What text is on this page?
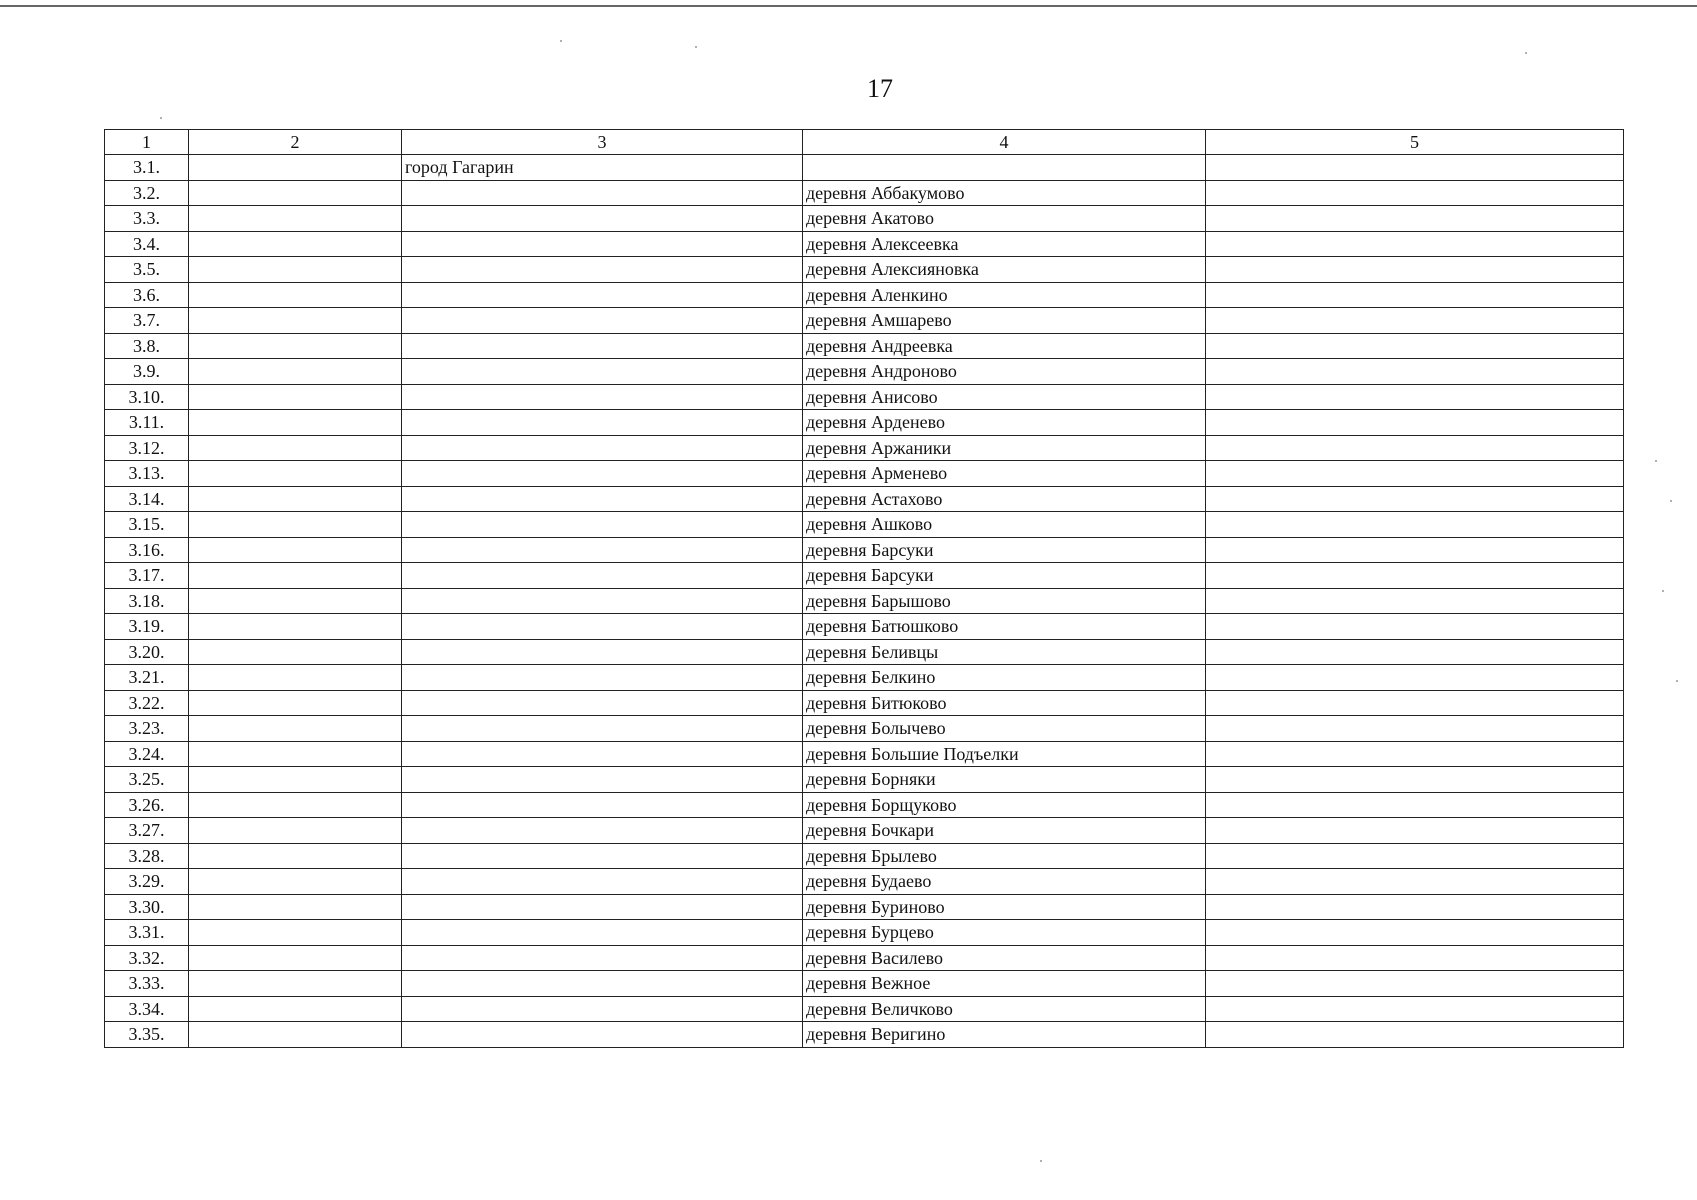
17
1	2	3	4	5
3.1.		город Гагарин		
3.2.			деревня Аббакумово	
3.3.			деревня Акатово	
3.4.			деревня Алексеевка	
3.5.			деревня Алексияновка	
3.6.			деревня Аленкино	
3.7.			деревня Амшарево	
3.8.			деревня Андреевка	
3.9.			деревня Андроново	
3.10.			деревня Анисово	
3.11.			деревня Арденево	
3.12.			деревня Аржаники	
3.13.			деревня Арменево	
3.14.			деревня Астахово	
3.15.			деревня Ашково	
3.16.			деревня Барсуки	
3.17.			деревня Барсуки	
3.18.			деревня Барышово	
3.19.			деревня Батюшково	
3.20.			деревня Беливцы	
3.21.			деревня Белкино	
3.22.			деревня Битюково	
3.23.			деревня Болычево	
3.24.			деревня Большие Подъелки	
3.25.			деревня Борняки	
3.26.			деревня Борщуково	
3.27.			деревня Бочкари	
3.28.			деревня Брылево	
3.29.			деревня Будаево	
3.30.			деревня Буриново	
3.31.			деревня Бурцево	
3.32.			деревня Василево	
3.33.			деревня Вежное	
3.34.			деревня Величково	
3.35.			деревня Веригино	
